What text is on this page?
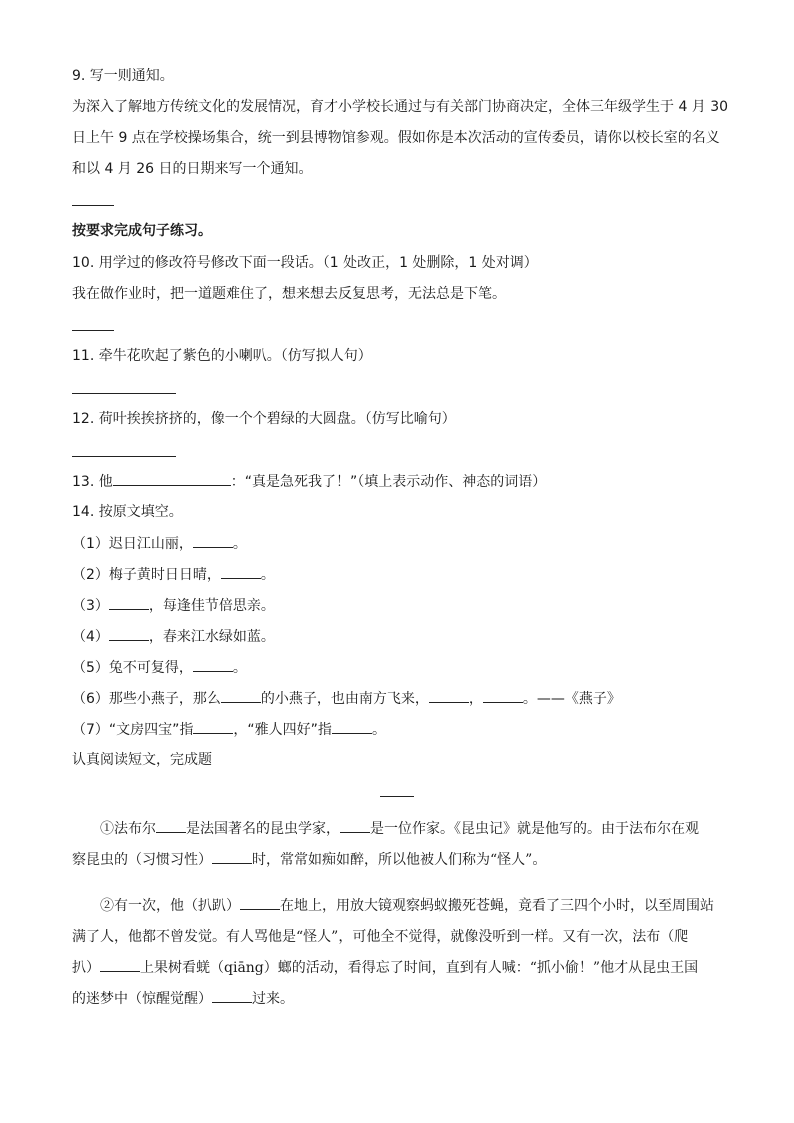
9. 写一则通知。
为深入了解地方传统文化的发展情况，育才小学校长通过与有关部门协商决定，全体三年级学生于 4 月 30
日上午 9 点在学校操场集合，统一到县博物馆参观。假如你是本次活动的宣传委员，请你以校长室的名义
和以 4 月 26 日的日期来写一个通知。
按要求完成句子练习。
10. 用学过的修改符号修改下面一段话。（1 处改正，1 处删除，1 处对调）
我在做作业时，把一道题难住了，想来想去反复思考，无法总是下笔。
11. 牵牛花吹起了紫色的小喇叭。（仿写拟人句）
12. 荷叶挨挨挤挤的，像一个个碧绿的大圆盘。（仿写比喻句）
13. 他	：“真是急死我了！”（填上表示动作、神态的词语）
14. 按原文填空。
（1）迟日江山丽，	。
（2）梅子黄时日日晴，	。
（3）	，每逢佳节倍思亲。
（4）	，春来江水绿如蓝。
（5）兔不可复得，	。
（6）那些小燕子，那么	的小燕子，也由南方飞来，	，	。——《燕子》
（7）“文房四宝”指	，“雅人四好”指	。
认真阅读短文，完成题
①法布尔 是法国著名的昆虫学家， 是一位作家。《昆虫记》就是他写的。由于法布尔在观
察昆虫的（习惯习性）	时，常常如痴如醉，所以他被人们称为“怪人”。
②有一次，他（扒趴）	在地上，用放大镜观察蚂蚁搬死苍蝇，竟看了三四个小时，以至周围站
满了人，他都不曾发觉。有人骂他是“怪人”，可他全不觉得，就像没听到一样。又有一次，法布（爬
扒）	上果树看蜣（qiāng）螂的活动，看得忘了时间，直到有人喊：“抓小偷！”他才从昆虫王国
的迷梦中（惊醒觉醒）	过来。
